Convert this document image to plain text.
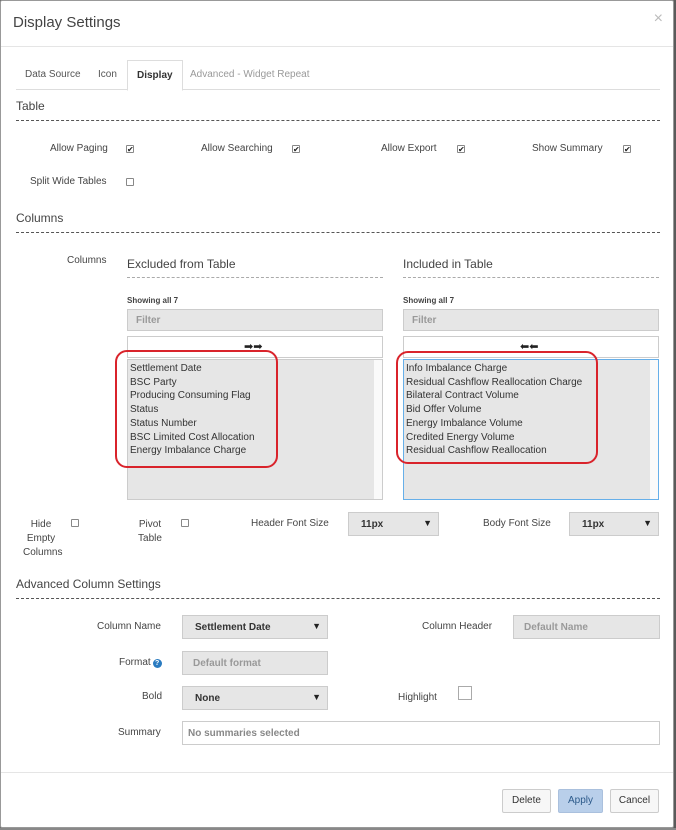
Display Settings	×
Data Source	Icon	Display	Advanced - Widget Repeat
Table
Allow Paging ✔	Allow Searching	✔	Allow Export	✔	Show Summary	✔
Split Wide Tables
Columns
Columns Excluded from Table
Showing all 7
Filter
➡➡
Settlement Date
BSC Party
Producing Consuming Flag
Status
Status Number
BSC Limited Cost Allocation
Energy Imbalance Charge
Included in Table
Showing all 7
Filter
⬅⬅
Info Imbalance Charge
Residual Cashflow Reallocation Charge
Bilateral Contract Volume
Bid Offer Volume
Energy Imbalance Volume
Credited Energy Volume
Residual Cashflow Reallocation
Hide
Empty
Columns
Pivot
Table
Header Font Size	11px	▼	Body Font Size	11px	▼
Advanced Column Settings
Column Name	Settlement Date	▼	Column Header	Default Name
Format ?	Default format
Bold	None	▼	Highlight
Summary	No summaries selected
Delete	Apply	Cancel
